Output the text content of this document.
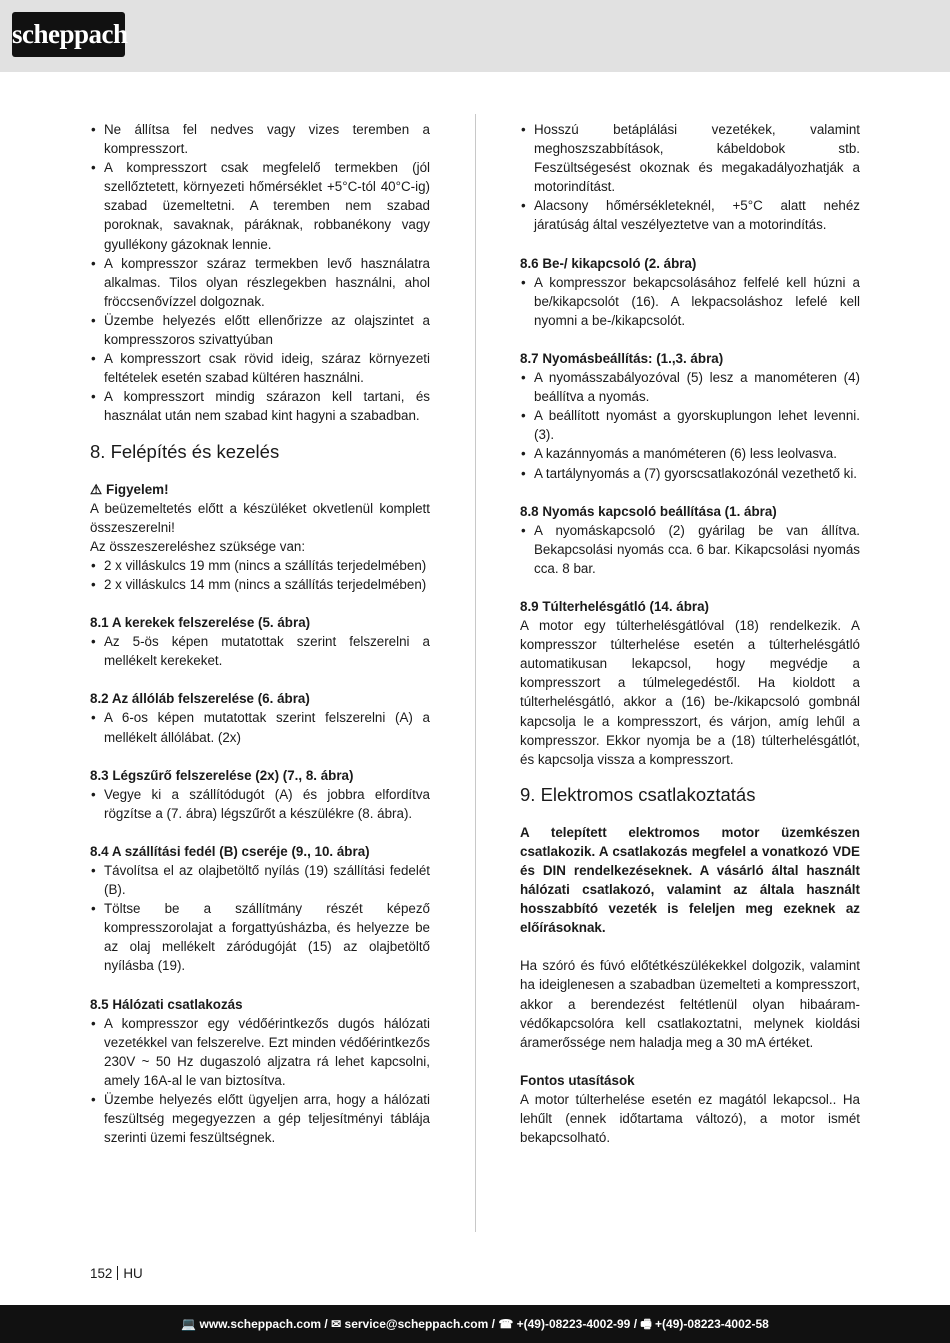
scheppach
• Ne állítsa fel nedves vagy vizes teremben a kompresszort.
• A kompresszort csak megfelelő termekben (jól szellőztetett, környezeti hőmérséklet +5°C-tól 40°C-ig) szabad üzemeltetni. A teremben nem szabad poroknak, savaknak, páráknak, robbanékony vagy gyullékony gázoknak lennie.
• A kompresszor száraz termekben levő használatra alkalmas. Tilos olyan részlegekben használni, ahol fröccsenővízzel dolgoznak.
• Üzembe helyezés előtt ellenőrizze az olajszintet a kompresszoros szivattyúban
• A kompresszort csak rövid ideig, száraz környezeti feltételek esetén szabad kültéren használni.
• A kompresszort mindig szárazon kell tartani, és használat után nem szabad kint hagyni a szabadban.
8. Felépítés és kezelés

⚠ Figyelem!

A beüzemeltetés előtt a készüléket okvetlenül komplett összeszerelni!

Az összeszereléshez szüksége van:

• 2 x villáskulcs 19 mm (nincs a szállítás terjedelmében)
• 2 x villáskulcs 14 mm (nincs a szállítás terjedelmében)

8.1 A kerekek felszerelése (5. ábra)

• Az 5-ös képen mutatottak szerint felszerelni a mellékelt kerekeket.

8.2 Az állóláb felszerelése (6. ábra)

• A 6-os képen mutatottak szerint felszerelni (A) a mellékelt állólábat. (2x)

8.3 Légszűrő felszerelése (2x) (7., 8. ábra)

• Vegye ki a szállítódugót (A) és jobbra elfordítva rögzítse a (7. ábra) légszűrőt a készülékre (8. ábra).

8.4 A szállítási fedél (B) cseréje (9., 10. ábra)

• Távolítsa el az olajbetöltő nyílás (19) szállítási fedelét (B).
• Töltse be a szállítmány részét képező kompresszorolajat a forgattyúsházba, és helyezze be az olaj mellékelt záródugóját (15) az olajbetöltő nyílásba (19).

8.5 Hálózati csatlakozás

• A kompresszor egy védőérintkezős dugós hálózati vezetékkel van felszerelve. Ezt minden védőérintkezős 230V ~ 50 Hz dugaszoló aljzatra rá lehet kapcsolni, amely 16A-al le van biztosítva.
• Üzembe helyezés előtt ügyeljen arra, hogy a hálózati feszültség megegyezzen a gép teljesítményi táblája szerinti üzemi feszültségnek.
• Hosszú betáplálási vezetékek, valamint meghoszszabbítások, kábeldobok stb. Feszültségesést okoznak és megakadályozhatják a motorindítást.
• Alacsony hőmérsékleteknél, +5°C alatt nehéz járatúság által veszélyeztetve van a motorindítás.

8.6 Be-/ kikapcsoló (2. ábra)

• A kompresszor bekapcsolásához felfelé kell húzni a be/kikapcsolót (16). A lekpacsoláshoz lefelé kell nyomni a be-/kikapcsolót.

8.7 Nyomásbeállítás: (1.,3. ábra)

• A nyomásszabályozóval (5) lesz a manométeren (4) beállítva a nyomás.
• A beállított nyomást a gyorskuplungon lehet levenni. (3).
• A kazánnyomás a manóméteren (6) less leolvasva.
• A tartálynyomás a (7) gyorscsatlakozónál vezethető ki.

8.8 Nyomás kapcsoló beállítása (1. ábra)

• A nyomáskapcsoló (2) gyárilag be van állítva. Bekapcsolási nyomás cca. 6 bar. Kikapcsolási nyomás cca. 8 bar.

8.9 Túlterhelésgátló (14. ábra)

A motor egy túlterhelésgátlóval (18) rendelkezik. A kompresszor túlterhelése esetén a túlterhelésgátló automatikusan lekapcsol, hogy megvédje a kompresszort a túlmelegedéstől. Ha kioldott a túlterhelésgátló, akkor a (16) be-/kikapcsoló gombnál kapcsolja le a kompresszort, és várjon, amíg lehűl a kompresszor. Ekkor nyomja be a (18) túlterhelésgátlót, és kapcsolja vissza a kompresszort.

9. Elektromos csatlakoztatás

A telepített elektromos motor üzemkészen csatlakozik. A csatlakozás megfelel a vonatkozó VDE és DIN rendelkezéseknek. A vásárló által használt hálózati csatlakozó, valamint az általa használt hosszabbító vezeték is feleljen meg ezeknek az előírásoknak.

Ha szóró és fúvó előtétkészülékekkel dolgozik, valamint ha ideiglenesen a szabadban üzemelteti a kompresszort, akkor a berendezést feltétlenül olyan hibaáram-védőkapcsolóra kell csatlakoztatni, melynek kioldási áramerőssége nem haladja meg a 30 mA értéket.

Fontos utasítások

A motor túlterhelése esetén ez magától lekapcsol.. Ha lehűlt (ennek időtartama változó), a motor ismét bekapcsolható.

152 HU
💻 www.scheppach.com / ✉ service@scheppach.com / ☎ +(49)-08223-4002-99 / 🖷 +(49)-08223-4002-58
